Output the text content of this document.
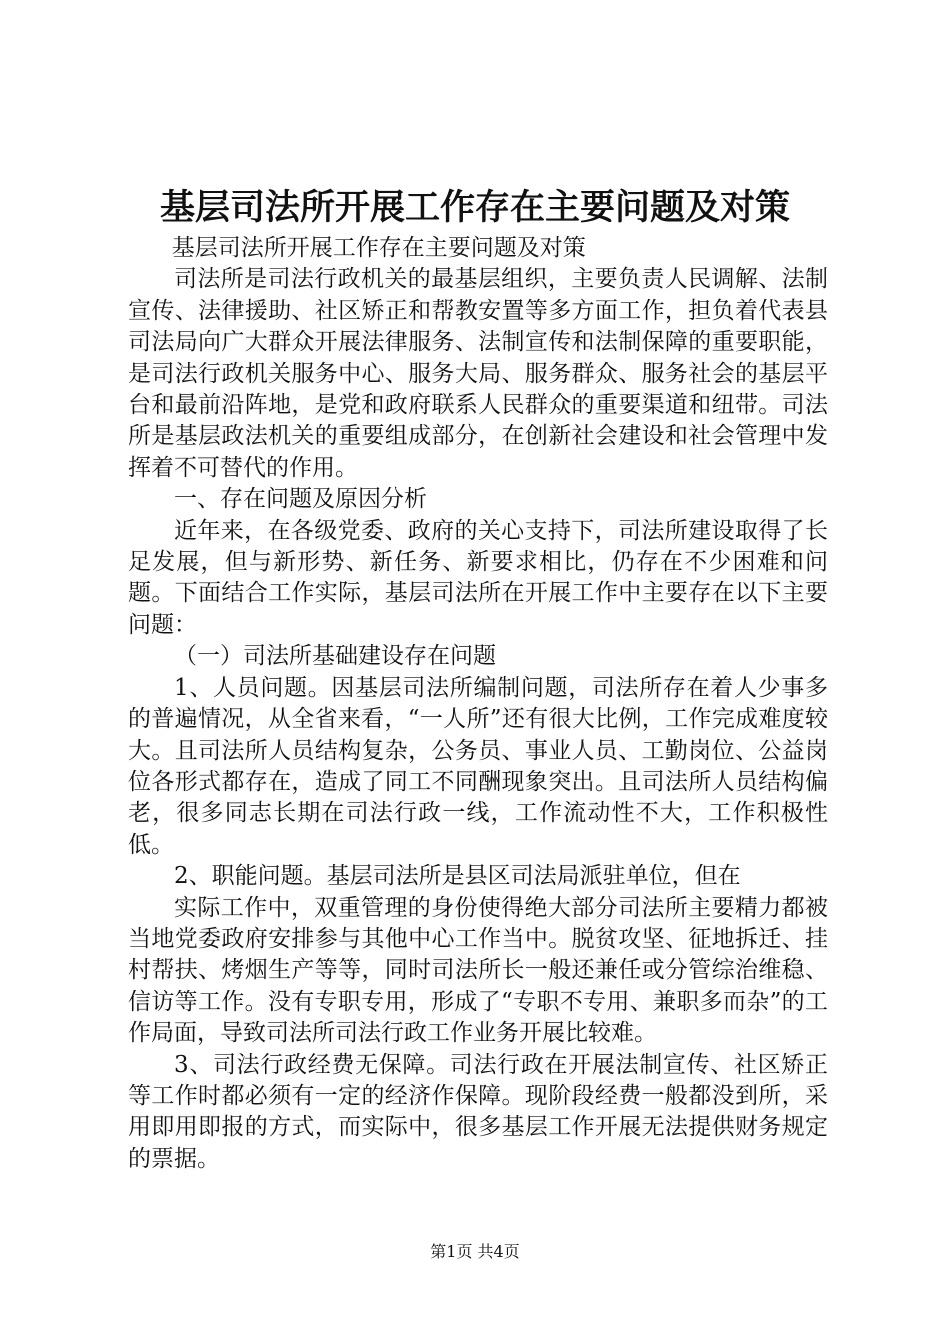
基层司法所开展工作存在主要问题及对策

基层司法所开展工作存在主要问题及对策

司法所是司法行政机关的最基层组织，主要负责人民调解、法制宣传、法律援助、社区矫正和帮教安置等多方面工作，担负着代表县司法局向广大群众开展法律服务、法制宣传和法制保障的重要职能，是司法行政机关服务中心、服务大局、服务群众、服务社会的基层平台和最前沿阵地，是党和政府联系人民群众的重要渠道和纽带。司法所是基层政法机关的重要组成部分，在创新社会建设和社会管理中发挥着不可替代的作用。

一、存在问题及原因分析

近年来，在各级党委、政府的关心支持下，司法所建设取得了长足发展，但与新形势、新任务、新要求相比，仍存在不少困难和问题。下面结合工作实际，基层司法所在开展工作中主要存在以下主要问题：

（一）司法所基础建设存在问题

1、人员问题。因基层司法所编制问题，司法所存在着人少事多的普遍情况，从全省来看，“一人所”还有很大比例，工作完成难度较大。且司法所人员结构复杂，公务员、事业人员、工勤岗位、公益岗位各形式都存在，造成了同工不同酬现象突出。且司法所人员结构偏老，很多同志长期在司法行政一线，工作流动性不大，工作积极性低。

2、职能问题。基层司法所是县区司法局派驻单位，但在

实际工作中，双重管理的身份使得绝大部分司法所主要精力都被当地党委政府安排参与其他中心工作当中。脱贫攻坚、征地拆迁、挂村帮扶、烤烟生产等等，同时司法所长一般还兼任或分管综治维稳、信访等工作。没有专职专用，形成了“专职不专用、兼职多而杂”的工作局面，导致司法所司法行政工作业务开展比较难。

3、司法行政经费无保障。司法行政在开展法制宣传、社区矫正等工作时都必须有一定的经济作保障。现阶段经费一般都没到所，采用即用即报的方式，而实际中，很多基层工作开展无法提供财务规定的票据。

第1页 共4页
